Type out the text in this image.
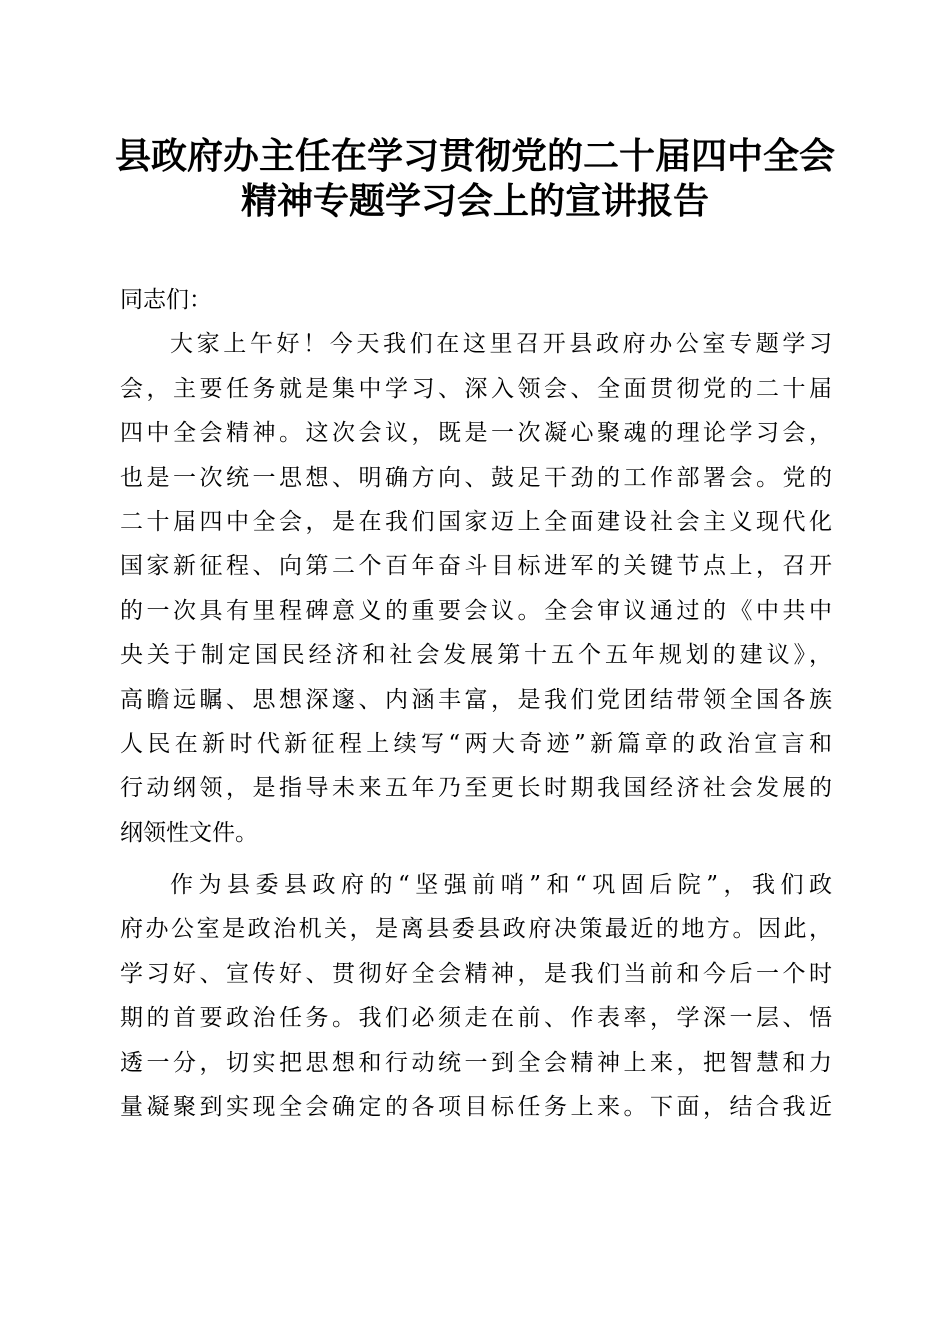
县政府办主任在学习贯彻党的二十届四中全会
精神专题学习会上的宣讲报告
同志们：
大家上午好！今天我们在这里召开县政府办公室专题学习
会，主要任务就是集中学习、深入领会、全面贯彻党的二十届
四中全会精神。这次会议，既是一次凝心聚魂的理论学习会，
也是一次统一思想、明确方向、鼓足干劲的工作部署会。党的
二十届四中全会，是在我们国家迈上全面建设社会主义现代化
国家新征程、向第二个百年奋斗目标进军的关键节点上，召开
的一次具有里程碑意义的重要会议。全会审议通过的《中共中
央关于制定国民经济和社会发展第十五个五年规划的建议》，
高瞻远瞩、思想深邃、内涵丰富，是我们党团结带领全国各族
人民在新时代新征程上续写“两大奇迹”新篇章的政治宣言和
行动纲领，是指导未来五年乃至更长时期我国经济社会发展的
纲领性文件。
作为县委县政府的“坚强前哨”和“巩固后院”，我们政
府办公室是政治机关，是离县委县政府决策最近的地方。因此，
学习好、宣传好、贯彻好全会精神，是我们当前和今后一个时
期的首要政治任务。我们必须走在前、作表率，学深一层、悟
透一分，切实把思想和行动统一到全会精神上来，把智慧和力
量凝聚到实现全会确定的各项目标任务上来。下面，结合我近
